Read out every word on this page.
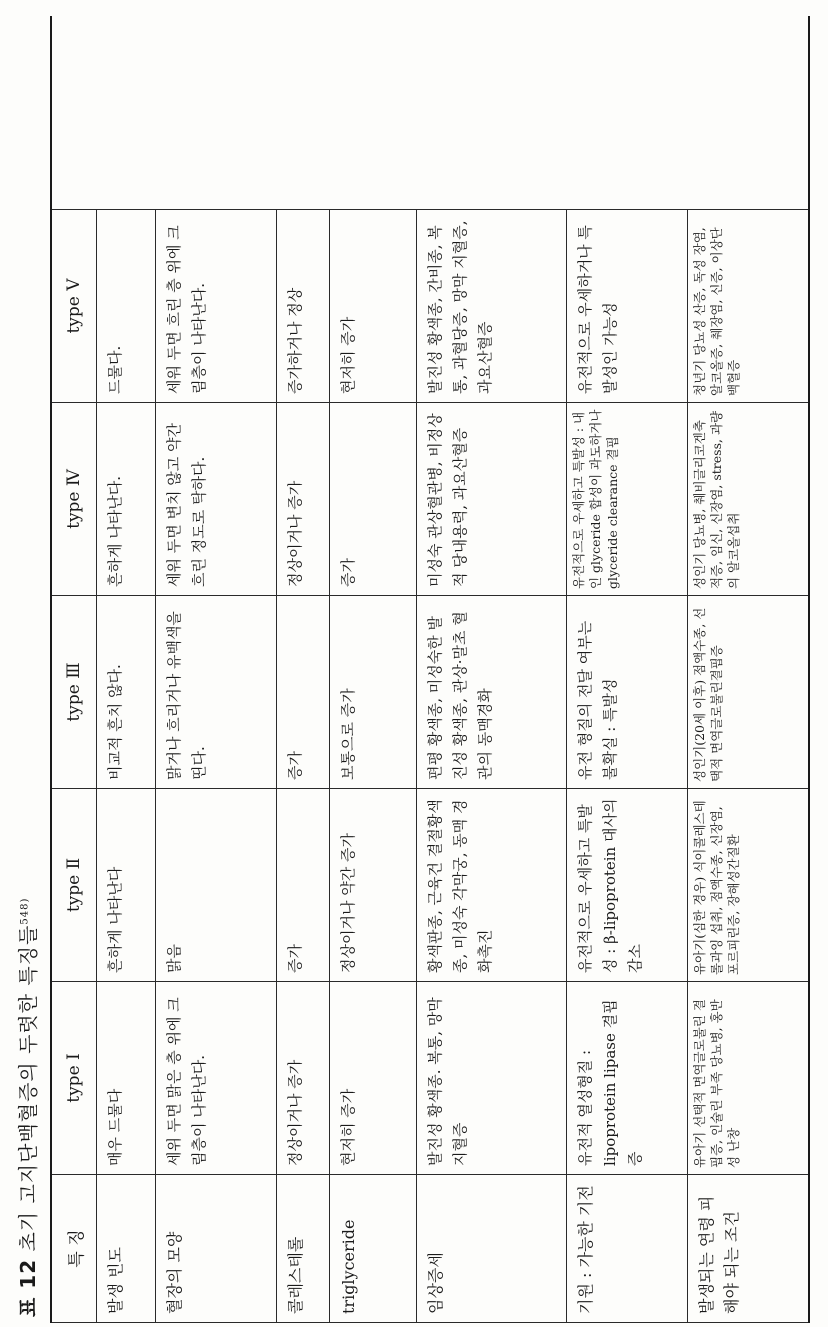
표 12 초기 고지단백혈증의 두렷한 특징들$^{548)}$
특 징	type Ⅰ	type Ⅱ	type Ⅲ	type Ⅳ	type Ⅴ
발생 빈도	매우 드물다	흔하게 나타난다	비교적 흔치 않다.	흔하게 나타난다.	드물다.
혈장의 모양	세위 두면 맑은 층 위에 크림층이 나타난다.	맑음	맑거나 흐리거나 유백색을 띤다.	세워 두면 변치 않고 약간 흐린 정도로 탁하다.	세워 두면 흐린 층 위에 크림층이 나타난다.
콜레스테롤	정상이거나 증가	증가	증가	정상이거나 증가	증가하거나 정상
triglyceride	현저히 증가	정상이거나 약간 증가	보통으로 증가	증가	현저히 증가
임상증세	발진성 황색종. 복통, 망막지혈증	황색판종, 근육건 결절황색종, 미성숙 각막궁, 동맥 경화촉진	편평 황색종, 미성숙한 발진성 황색종, 관상·말초 혈관의 동맥경화	미성숙 관상혈관병, 비정상적 당내용력, 과요산혈증	발진성 황색종, 간비종, 복통, 과혈당증, 망막 지혈증, 과요산혈증
기원 : 가능한 기전	유전적 열성형질 : lipoprotein lipase 결핍증	유전적으로 우세하고 특발성 : β-lipoprotein 대사의 감소	유전 형질의 전달 여부는 불확실 : 특발성	유전적으로 우세하고 특발성 : 내인 glyceride 합성이 과도하거나 glyceride clearance 결핍	유전적으로 우세하거나 특발성인 가능성
발생되는 연령 피해야 되는 조건	유아기 선택적 면역글로불린 결핍증, 인슐린 부족 당뇨병, 홍반성 난창	유아기(심한 경우) 식이콜레스테롤과잉 섭취, 점액수종, 신장염, 포르피린증, 장해성간질환	성인기(20세 이후) 점액수종, 선택적 면역글로불린결핍증	성인기 당뇨병, 췌비글리코겐축적증, 임신, 신장염, stress, 과량의 알코올섭취	청년기 당뇨성 산증, 독성 장염, 알코올증, 췌장염, 신증, 이상단백혈증
